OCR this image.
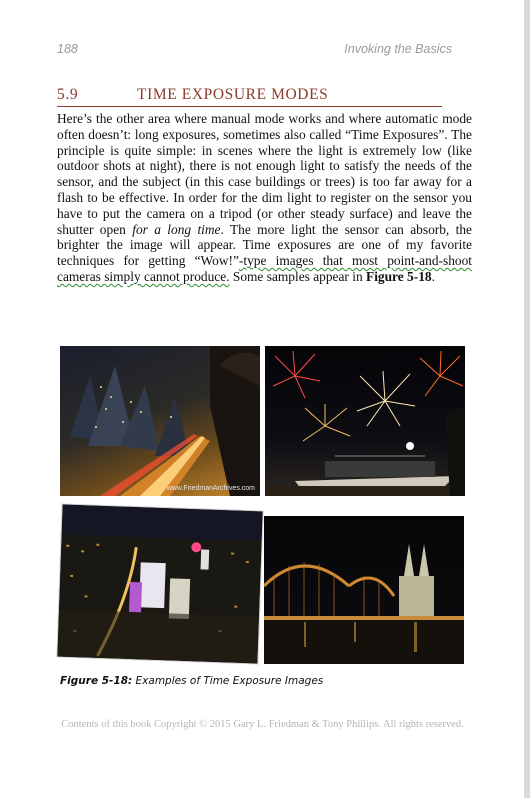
188	Invoking the Basics
5.9	TIME EXPOSURE MODES
Here’s the other area where manual mode works and where automatic mode often doesn’t: long exposures, sometimes also called “Time Exposures”. The principle is quite simple: in scenes where the light is extremely low (like outdoor shots at night), there is not enough light to satisfy the needs of the sensor, and the subject (in this case buildings or trees) is too far away for a flash to be effective. In order for the dim light to register on the sensor you have to put the camera on a tripod (or other steady surface) and leave the shutter open for a long time. The more light the sensor can absorb, the brighter the image will appear. Time exposures are one of my favorite techniques for getting “Wow!”-type images that most point-and-shoot cameras simply cannot produce. Some samples appear in Figure 5-18.
www.FriedmanArchives.com
Figure 5-18: Examples of Time Exposure Images
Contents of this book Copyright © 2015 Gary L. Friedman & Tony Phillips. All rights reserved.
